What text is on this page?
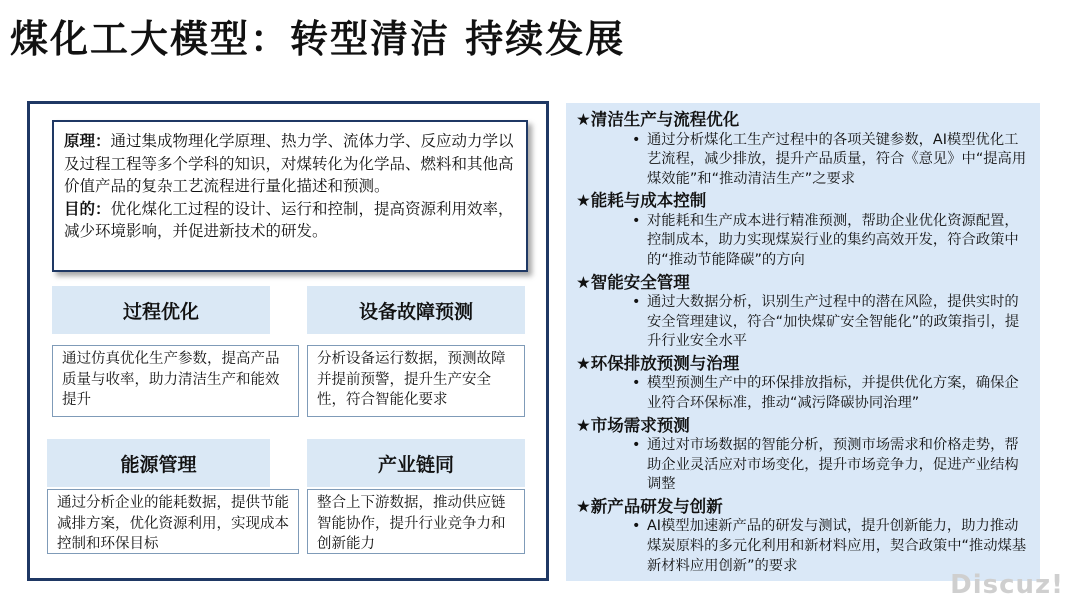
煤化工大模型：转型清洁 持续发展
原理：通过集成物理化学原理、热力学、流体力学、反应动力学以及过程工程等多个学科的知识，对煤转化为化学品、燃料和其他高价值产品的复杂工艺流程进行量化描述和预测。
目的：优化煤化工过程的设计、运行和控制，提高资源利用效率，减少环境影响，并促进新技术的研发。
过程优化
通过仿真优化生产参数，提高产品质量与收率，助力清洁生产和能效提升
设备故障预测
分析设备运行数据，预测故障并提前预警，提升生产安全性，符合智能化要求
能源管理
通过分析企业的能耗数据，提供节能减排方案，优化资源利用，实现成本控制和环保目标
产业链同
整合上下游数据，推动供应链智能协作，提升行业竞争力和创新能力
★清洁生产与流程优化
• 通过分析煤化工生产过程中的各项关键参数，AI模型优化工艺流程，减少排放，提升产品质量，符合《意见》中“提高用煤效能”和“推动清洁生产”之要求
★能耗与成本控制
• 对能耗和生产成本进行精准预测，帮助企业优化资源配置，控制成本，助力实现煤炭行业的集约高效开发，符合政策中的“推动节能降碳”的方向
★智能安全管理
• 通过大数据分析，识别生产过程中的潜在风险，提供实时的安全管理建议，符合“加快煤矿安全智能化”的政策指引，提升行业安全水平
★环保排放预测与治理
• 模型预测生产中的环保排放指标，并提供优化方案，确保企业符合环保标准，推动“减污降碳协同治理”
★市场需求预测
• 通过对市场数据的智能分析，预测市场需求和价格走势，帮助企业灵活应对市场变化，提升市场竞争力，促进产业结构调整
★新产品研发与创新
• AI模型加速新产品的研发与测试，提升创新能力，助力推动煤炭原料的多元化利用和新材料应用，契合政策中“推动煤基新材料应用创新”的要求
Discuz!
